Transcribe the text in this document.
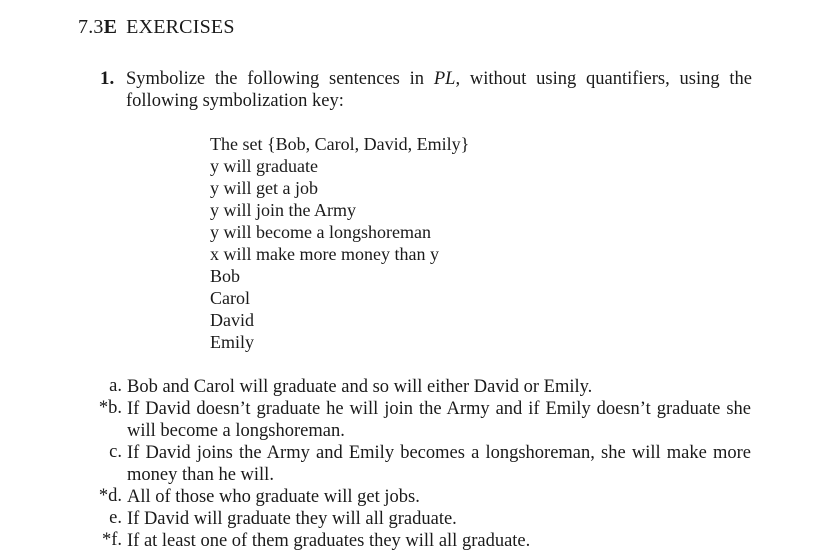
7.3E EXERCISES
1. Symbolize the following sentences in PL, without using quantifiers, using the following symbolization key:
The set {Bob, Carol, David, Emily}
y will graduate
y will get a job
y will join the Army
y will become a longshoreman
x will make more money than y
Bob
Carol
David
Emily
a. Bob and Carol will graduate and so will either David or Emily.
*b. If David doesn’t graduate he will join the Army and if Emily doesn’t graduate she will become a longshoreman.
c. If David joins the Army and Emily becomes a longshoreman, she will make more money than he will.
*d. All of those who graduate will get jobs.
e. If David will graduate they will all graduate.
*f. If at least one of them graduates they will all graduate.
